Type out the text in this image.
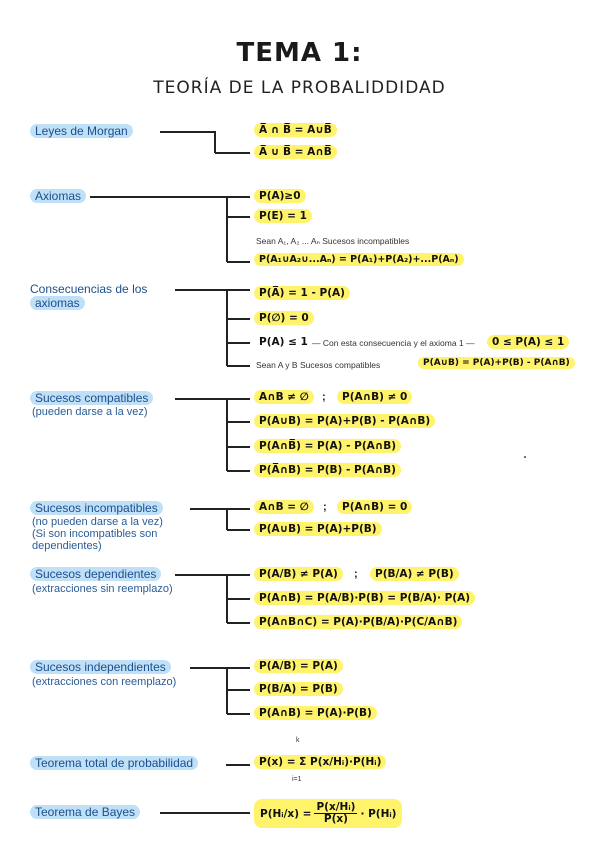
TEMA 1:
TEORÍA DE LA PROBALIDDIDAD
Leyes de Morgan	A̅ ∩ B̅ = A∪B̅
A̅ ∪ B̅ = A∩B̅
Axiomas	P(A)≥0
P(E) = 1
Sean A₁, A₂ ... Aₙ Sucesos incompatibles
P(A₁∪A₂∪...Aₙ) = P(A₁)+P(A₂)+...P(Aₙ)
Consecuencias de los
axiomas
P(A̅) = 1 - P(A)
P(∅) = 0
P(A) ≤ 1 — Con esta consecuencia y el axioma 1 —	0 ≤ P(A) ≤ 1
Sean A y B Sucesos compatibles	P(A∪B) = P(A)+P(B) - P(A∩B)
Sucesos compatibles
(pueden darse a la vez)
A∩B ≠ ∅	;	P(A∩B) ≠ 0
P(A∪B) = P(A)+P(B) - P(A∩B)
P(A∩B̅) = P(A) - P(A∩B)
P(A̅∩B) = P(B) - P(A∩B)
Sucesos incompatibles
(no pueden darse a la vez)
(Si son incompatibles son dependientes)
A∩B = ∅	;	P(A∩B) = 0
P(A∪B) = P(A)+P(B)
Sucesos dependientes
(extracciones sin reemplazo)
P(A/B) ≠ P(A)	;	P(B/A) ≠ P(B)
P(A∩B) = P(A/B)·P(B) = P(B/A)· P(A)
P(A∩B∩C) = P(A)·P(B/A)·P(C/A∩B)
Sucesos independientes
(extracciones con reemplazo)
P(A/B) = P(A)
P(B/A) = P(B)
P(A∩B) = P(A)·P(B)
Teorema total de probabilidad
k
P(x) = Σ P(x/Hᵢ)·P(Hᵢ)
i=1
Teorema de Bayes	P(Hᵢ/x) = $\frac{\text{P(x/Hᵢ)}}{P(x)}$ · P(Hᵢ)
